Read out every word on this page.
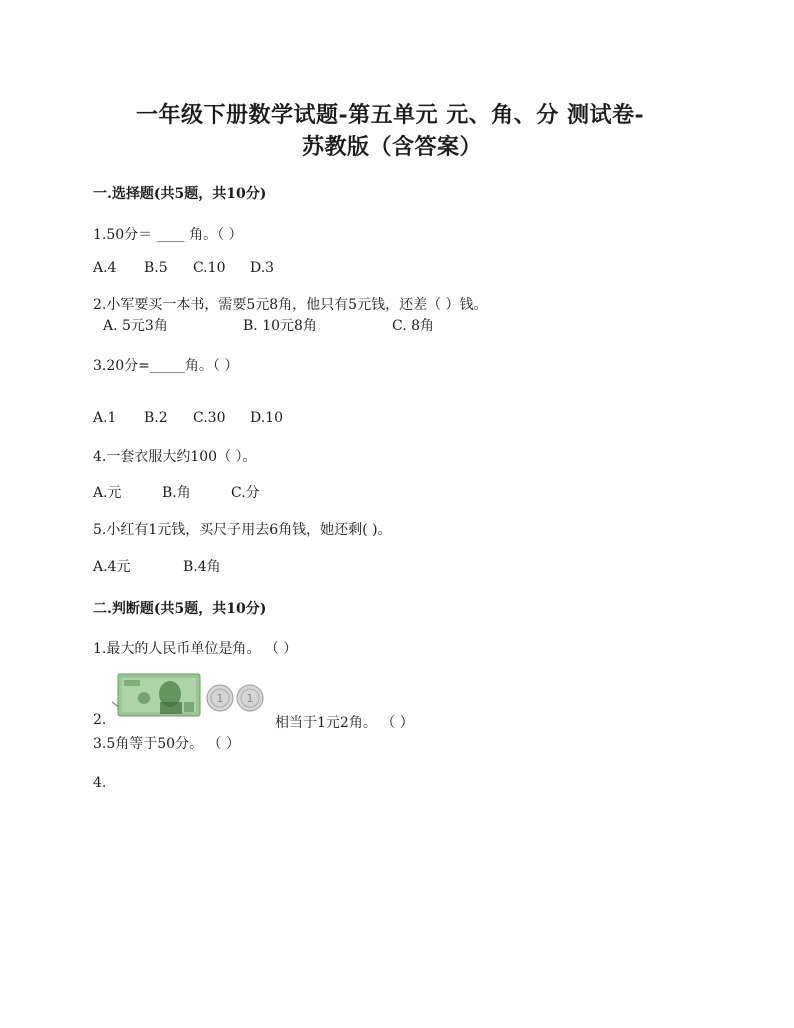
一年级下册数学试题-第五单元 元、角、分 测试卷-
苏教版（含答案）
一.选择题(共5题，共10分)
1.50分＝ ____ 角。（ ）
A.4 B.5 C.10 D.3
2.小军要买一本书，需要5元8角，他只有5元钱，还差（ ）钱。
A. 5元3角	B. 10元8角	C. 8角
3.20分=_____角。（ ）
A.1 B.2 C.30 D.10
4.一套衣服大约100（ ）。
A.元	B.角	C.分
5.小红有1元钱，买尺子用去6角钱，她还剩( )。
A.4元	B.4角
二.判断题(共5题，共10分)
1.最大的人民币单位是角。 （ ）
1 1
2.	相当于1元2角。 （ ）
3.5角等于50分。 （ ）
4.
